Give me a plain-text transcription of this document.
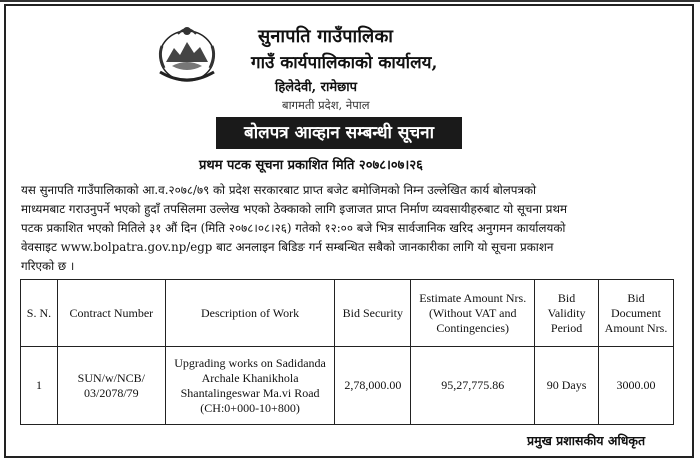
सुनापति गाउँपालिका
गाउँ कार्यपालिकाको कार्यालय,
हिलेदेवी, रामेछाप
बागमती प्रदेश, नेपाल
बोलपत्र आव्हान सम्बन्धी सूचना
प्रथम पटक सूचना प्रकाशित मिति २०७८।०७।२६
यस सुनापति गाउँपालिकाको आ.व.२०७८/७९ को प्रदेश सरकारबाट प्राप्त बजेट बमोजिमको निम्न उल्लेखित कार्य बोलपत्रको
माध्यमबाट गराउनुपर्ने भएको हुदाँ तपसिलमा उल्लेख भएको ठेक्काको लागि इजाजत प्राप्त निर्माण व्यवसायीहरुबाट यो सूचना प्रथम
पटक प्रकाशित भएको मितिले ३१ औं दिन (मिति २०७८।०८।२६) गतेको १२:०० बजे भित्र सार्वजानिक खरिद अनुगमन कार्यालयको
वेवसाइट www.bolpatra.gov.np/egp बाट अनलाइन बिडिङ गर्न सम्बन्धित सबैको जानकारीका लागि यो सूचना प्रकाशन
गरिएको छ ।
S. N.	Contract Number	Description of Work	Bid Security	Estimate Amount Nrs.(Without VAT and Contingencies)	Bid Validity Period	Bid Document Amount Nrs.
1	SUN/w/NCB/ 03/2078/79	Upgrading works on Sadidanda Archale Khanikhola Shantalingeswar Ma.vi Road (CH:0+000-10+800)	2,78,000.00	95,27,775.86	90 Days	3000.00
प्रमुख प्रशासकीय अधिकृत
